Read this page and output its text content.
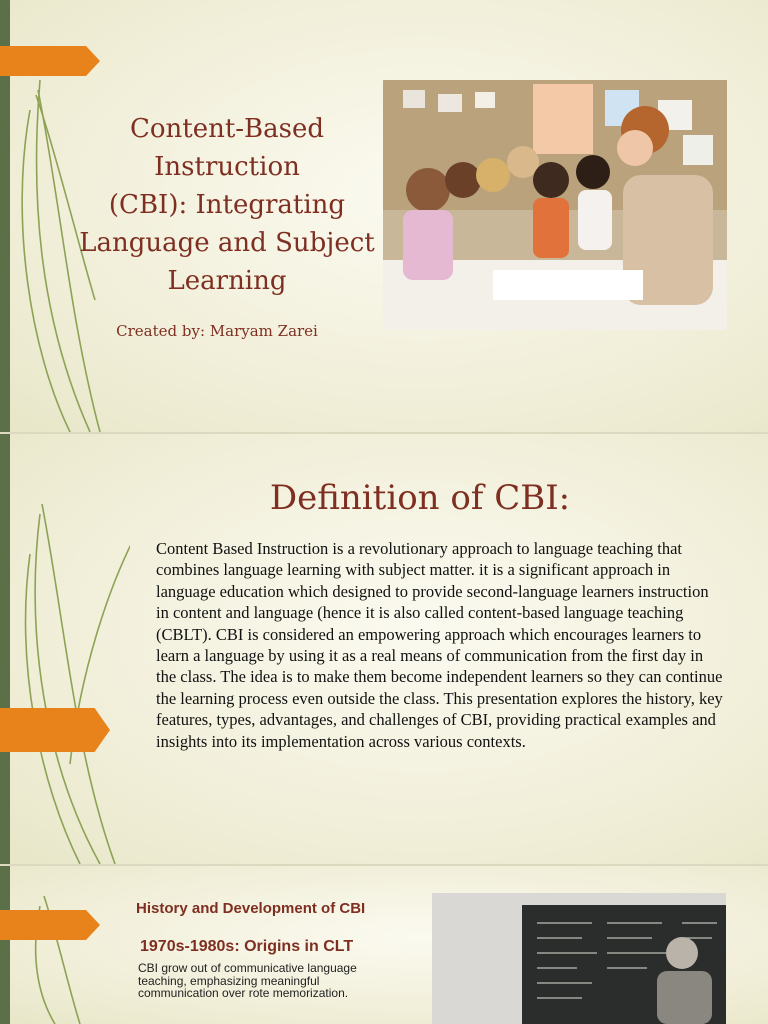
Content-Based
Instruction
(CBI): Integrating
Language and Subject
Learning
Created by: Maryam Zarei
Definition of CBI:
Content Based Instruction is a revolutionary approach to language teaching that combines language learning with subject matter. it is a significant approach in language education which designed to provide second-language learners instruction in content and language (hence it is also called content-based language teaching (CBLT). CBI is considered an empowering approach which encourages learners to learn a language by using it as a real means of communication from the first day in the class. The idea is to make them become independent learners so they can continue the learning process even outside the class. This presentation explores the history, key features, types, advantages, and challenges of CBI, providing practical examples and insights into its implementation across various contexts.
History and Development of CBI
1970s-1980s: Origins in CLT
CBI grow out of communicative language teaching, emphasizing meaningful communication over rote memorization.
